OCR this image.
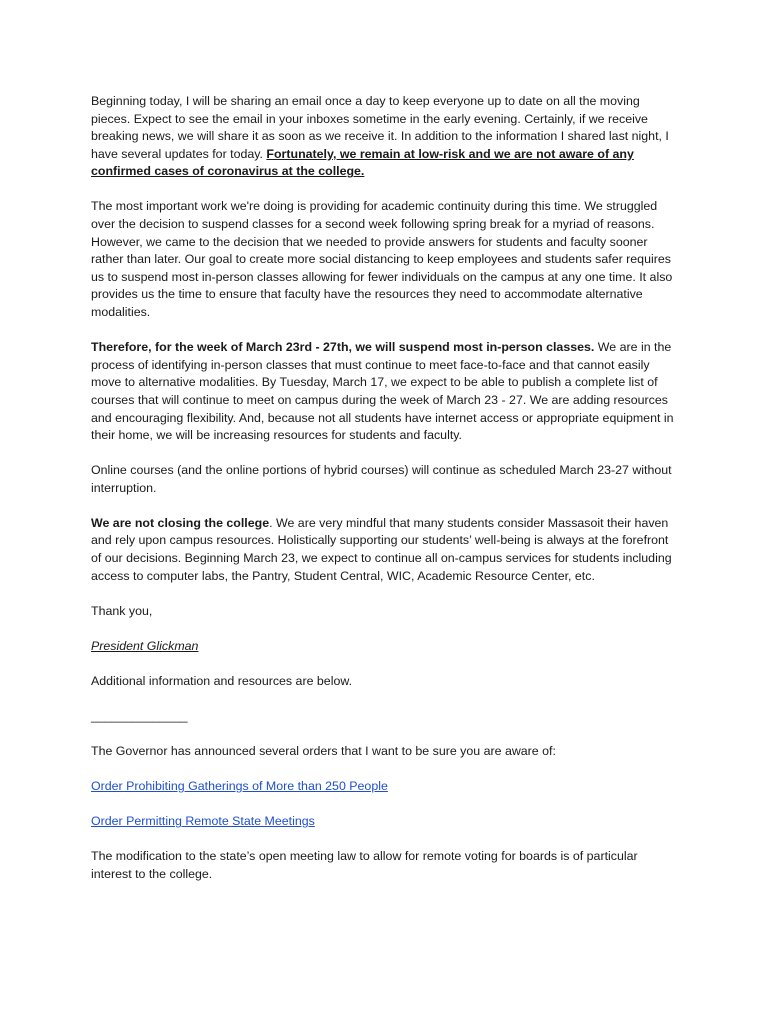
Beginning today, I will be sharing an email once a day to keep everyone up to date on all the moving pieces. Expect to see the email in your inboxes sometime in the early evening. Certainly, if we receive breaking news, we will share it as soon as we receive it. In addition to the information I shared last night, I have several updates for today. Fortunately, we remain at low-risk and we are not aware of any confirmed cases of coronavirus at the college.

The most important work we're doing is providing for academic continuity during this time. We struggled over the decision to suspend classes for a second week following spring break for a myriad of reasons. However, we came to the decision that we needed to provide answers for students and faculty sooner rather than later. Our goal to create more social distancing to keep employees and students safer requires us to suspend most in-person classes allowing for fewer individuals on the campus at any one time. It also provides us the time to ensure that faculty have the resources they need to accommodate alternative modalities.

Therefore, for the week of March 23rd - 27th, we will suspend most in-person classes. We are in the process of identifying in-person classes that must continue to meet face-to-face and that cannot easily move to alternative modalities. By Tuesday, March 17, we expect to be able to publish a complete list of courses that will continue to meet on campus during the week of March 23 - 27. We are adding resources and encouraging flexibility. And, because not all students have internet access or appropriate equipment in their home, we will be increasing resources for students and faculty.

Online courses (and the online portions of hybrid courses) will continue as scheduled March 23-27 without interruption.

We are not closing the college. We are very mindful that many students consider Massasoit their haven and rely upon campus resources. Holistically supporting our students’ well-being is always at the forefront of our decisions. Beginning March 23, we expect to continue all on-campus services for students including access to computer labs, the Pantry, Student Central, WIC, Academic Resource Center, etc.

Thank you,

President Glickman

Additional information and resources are below.

______________

The Governor has announced several orders that I want to be sure you are aware of:

Order Prohibiting Gatherings of More than 250 People

Order Permitting Remote State Meetings

The modification to the state’s open meeting law to allow for remote voting for boards is of particular interest to the college.
